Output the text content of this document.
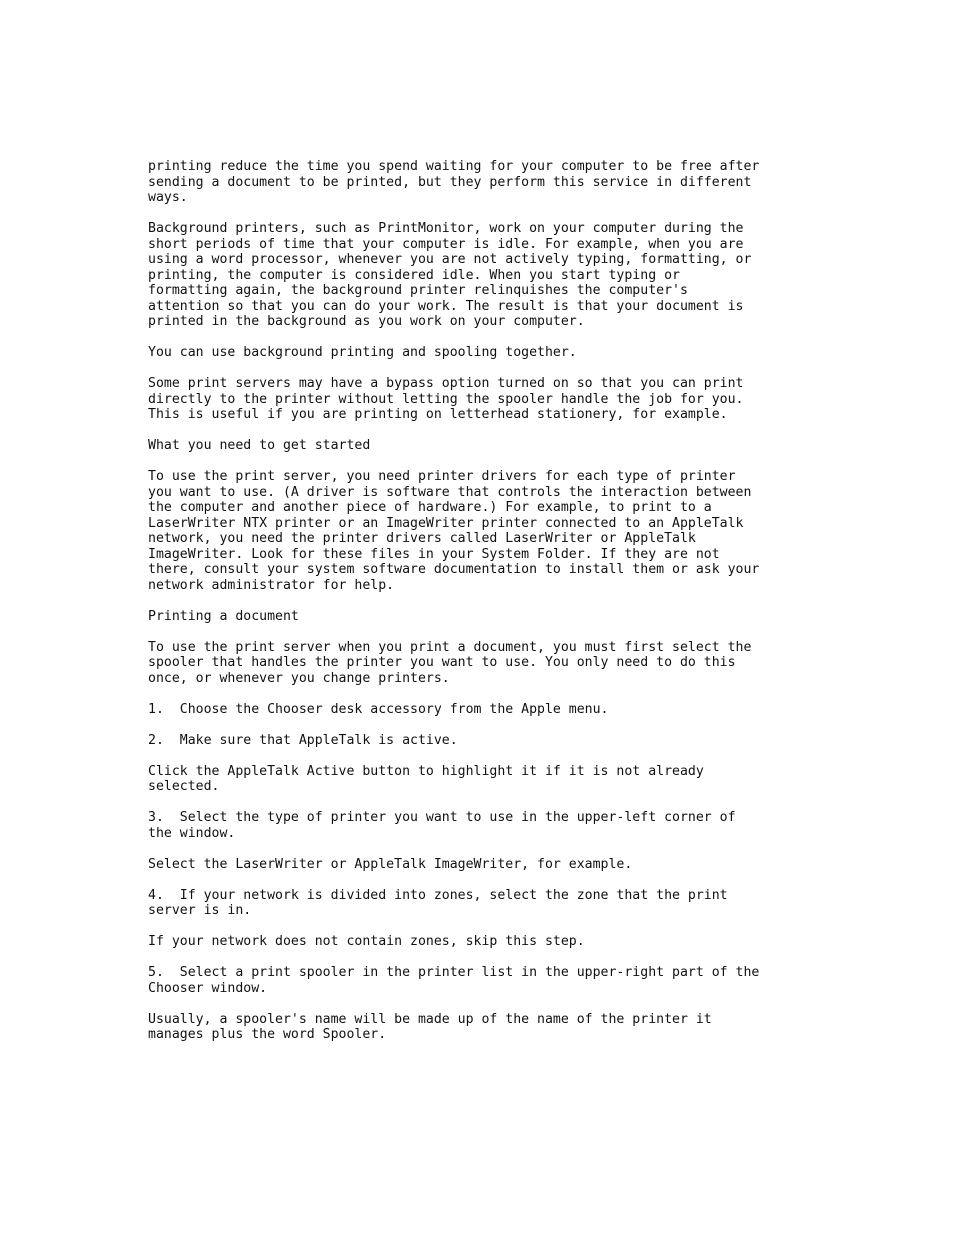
printing reduce the time you spend waiting for your computer to be free after
sending a document to be printed, but they perform this service in different
ways.

Background printers, such as PrintMonitor, work on your computer during the
short periods of time that your computer is idle. For example, when you are
using a word processor, whenever you are not actively typing, formatting, or
printing, the computer is considered idle. When you start typing or
formatting again, the background printer relinquishes the computer's
attention so that you can do your work. The result is that your document is
printed in the background as you work on your computer.

You can use background printing and spooling together.

Some print servers may have a bypass option turned on so that you can print
directly to the printer without letting the spooler handle the job for you.
This is useful if you are printing on letterhead stationery, for example.

What you need to get started

To use the print server, you need printer drivers for each type of printer
you want to use. (A driver is software that controls the interaction between
the computer and another piece of hardware.) For example, to print to a
LaserWriter NTX printer or an ImageWriter printer connected to an AppleTalk
network, you need the printer drivers called LaserWriter or AppleTalk
ImageWriter. Look for these files in your System Folder. If they are not
there, consult your system software documentation to install them or ask your
network administrator for help.

Printing a document

To use the print server when you print a document, you must first select the
spooler that handles the printer you want to use. You only need to do this
once, or whenever you change printers.

1.  Choose the Chooser desk accessory from the Apple menu.

2.  Make sure that AppleTalk is active.

Click the AppleTalk Active button to highlight it if it is not already
selected.

3.  Select the type of printer you want to use in the upper-left corner of
the window.

Select the LaserWriter or AppleTalk ImageWriter, for example.

4.  If your network is divided into zones, select the zone that the print
server is in.

If your network does not contain zones, skip this step.

5.  Select a print spooler in the printer list in the upper-right part of the
Chooser window.

Usually, a spooler's name will be made up of the name of the printer it
manages plus the word Spooler.
